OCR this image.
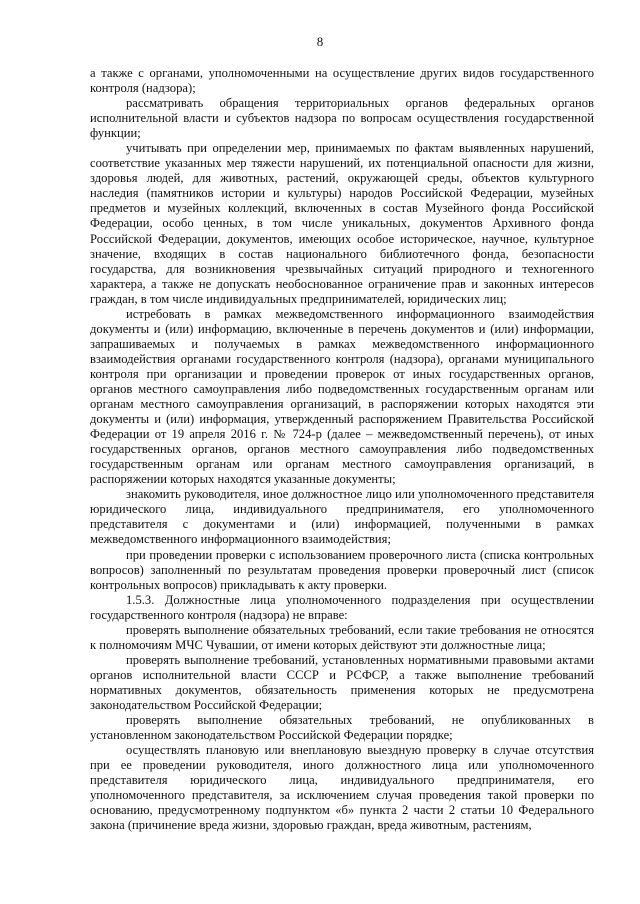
8

а также с органами, уполномоченными на осуществление других видов государственного контроля (надзора);

рассматривать обращения территориальных органов федеральных органов исполнительной власти и субъектов надзора по вопросам осуществления государственной функции;

учитывать при определении мер, принимаемых по фактам выявленных нарушений, соответствие указанных мер тяжести нарушений, их потенциальной опасности для жизни, здоровья людей, для животных, растений, окружающей среды, объектов культурного наследия (памятников истории и культуры) народов Российской Федерации, музейных предметов и музейных коллекций, включенных в состав Музейного фонда Российской Федерации, особо ценных, в том числе уникальных, документов Архивного фонда Российской Федерации, документов, имеющих особое историческое, научное, культурное значение, входящих в состав национального библиотечного фонда, безопасности государства, для возникновения чрезвычайных ситуаций природного и техногенного характера, а также не допускать необоснованное ограничение прав и законных интересов граждан, в том числе индивидуальных предпринимателей, юридических лиц;

истребовать в рамках межведомственного информационного взаимодействия документы и (или) информацию, включенные в перечень документов и (или) информации, запрашиваемых и получаемых в рамках межведомственного информационного взаимодействия органами государственного контроля (надзора), органами муниципального контроля при организации и проведении проверок от иных государственных органов, органов местного самоуправления либо подведомственных государственным органам или органам местного самоуправления организаций, в распоряжении которых находятся эти документы и (или) информация, утвержденный распоряжением Правительства Российской Федерации от 19 апреля 2016 г. № 724-р (далее – межведомственный перечень), от иных государственных органов, органов местного самоуправления либо подведомственных государственным органам или органам местного самоуправления организаций, в распоряжении которых находятся указанные документы;

знакомить руководителя, иное должностное лицо или уполномоченного представителя юридического лица, индивидуального предпринимателя, его уполномоченного представителя с документами и (или) информацией, полученными в рамках межведомственного информационного взаимодействия;

при проведении проверки с использованием проверочного листа (списка контрольных вопросов) заполненный по результатам проведения проверки проверочный лист (список контрольных вопросов) прикладывать к акту проверки.

1.5.3. Должностные лица уполномоченного подразделения при осуществлении государственного контроля (надзора) не вправе:

проверять выполнение обязательных требований, если такие требования не относятся к полномочиям МЧС Чувашии, от имени которых действуют эти должностные лица;

проверять выполнение требований, установленных нормативными правовыми актами органов исполнительной власти СССР и РСФСР, а также выполнение требований нормативных документов, обязательность применения которых не предусмотрена законодательством Российской Федерации;

проверять выполнение обязательных требований, не опубликованных в установленном законодательством Российской Федерации порядке;

осуществлять плановую или внеплановую выездную проверку в случае отсутствия при ее проведении руководителя, иного должностного лица или уполномоченного представителя юридического лица, индивидуального предпринимателя, его уполномоченного представителя, за исключением случая проведения такой проверки по основанию, предусмотренному подпунктом «б» пункта 2 части 2 статьи 10 Федерального закона (причинение вреда жизни, здоровью граждан, вреда животным, растениям,
